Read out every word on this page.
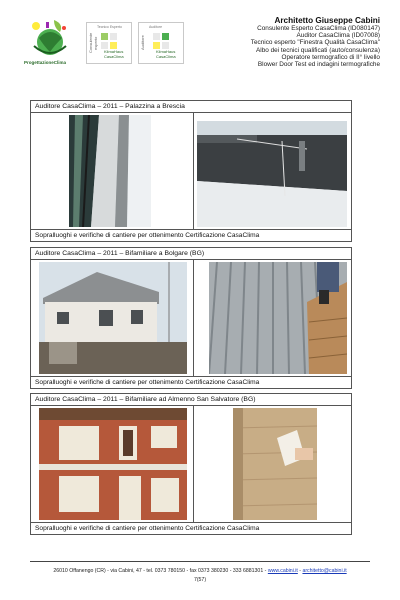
ProgettazioneClima
Consulente esperto
Tecnico Esperto
KlimaHaus
CasaClima
Auditore
Auditore
KlimaHaus
CasaClima
Architetto Giuseppe Cabini
Consulente Esperto CasaClima (ID080147)
Auditor CasaClima (ID07008)
Tecnico esperto "Finestra Qualità CasaClima"
Albo dei tecnici qualificati (auto/consulenza)
Operatore termografico di II° livello
Blower Door Test ed indagini termografiche
Auditore CasaClima – 2011 – Palazzina a Brescia
Sopralluoghi e verifiche di cantiere per ottenimento Certificazione CasaClima
Auditore CasaClima – 2011 – Bifamiliare a Bolgare (BG)
Sopralluoghi e verifiche di cantiere per ottenimento Certificazione CasaClima
Auditore CasaClima – 2011 – Bifamiliare ad Almenno San Salvatore (BG)
Sopralluoghi e verifiche di cantiere per ottenimento Certificazione CasaClima
26010 Offanengo (CR) - via Cabini, 47 - tel. 0373 780150 - fax 0373 380230 - 333 6881301 - www.cabini.it - architetto@cabini.it
7(57)
